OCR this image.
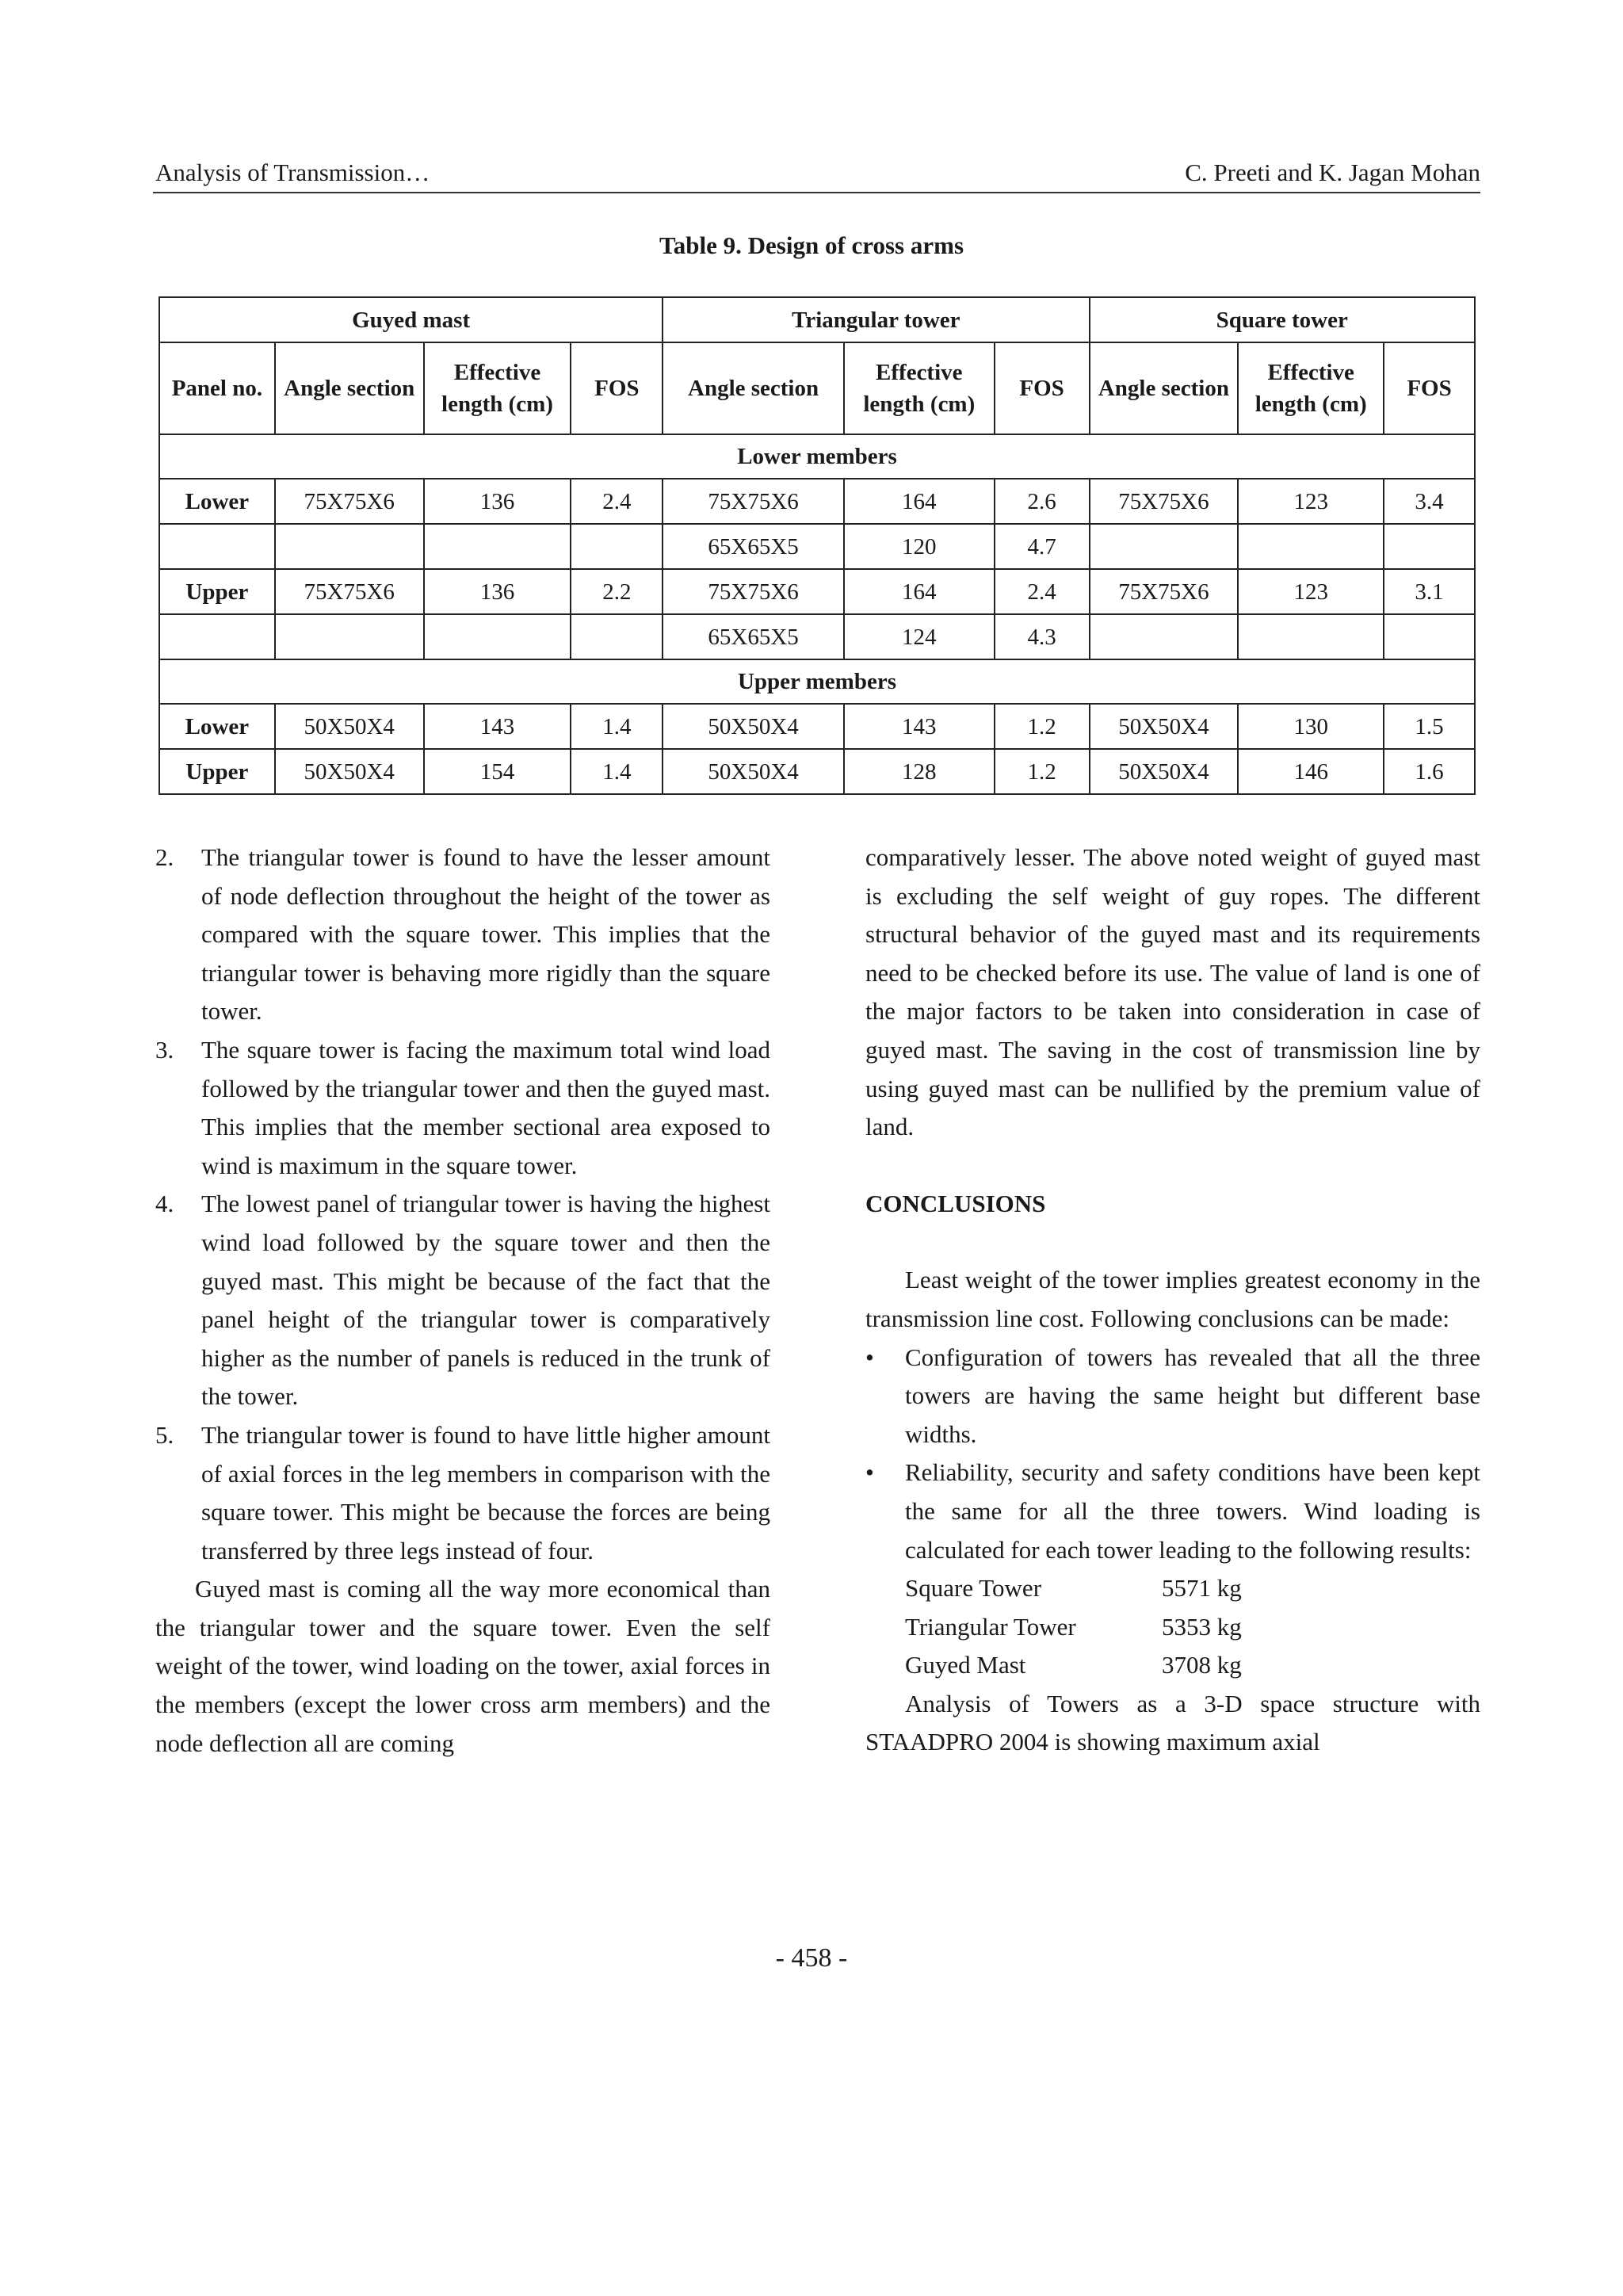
Analysis of Transmission…	C. Preeti and K. Jagan Mohan
Table 9. Design of cross arms
Guyed mast				Triangular tower			Square tower		
Panel no.	Angle section	Effective length (cm)	FOS	Angle section	Effective length (cm)	FOS	Angle section	Effective length (cm)	FOS
Lower members									
Lower	75X75X6	136	2.4	75X75X6	164	2.6	75X75X6	123	3.4
				65X65X5	120	4.7			
Upper	75X75X6	136	2.2	75X75X6	164	2.4	75X75X6	123	3.1
				65X65X5	124	4.3			
Upper members									
Lower	50X50X4	143	1.4	50X50X4	143	1.2	50X50X4	130	1.5
Upper	50X50X4	154	1.4	50X50X4	128	1.2	50X50X4	146	1.6
2.	The triangular tower is found to have the lesser amount of node deflection throughout the height of the tower as compared with the square tower. This implies that the triangular tower is behaving more rigidly than the square tower.
3.	The square tower is facing the maximum total wind load followed by the triangular tower and then the guyed mast. This implies that the member sectional area exposed to wind is maximum in the square tower.
4.	The lowest panel of triangular tower is having the highest wind load followed by the square tower and then the guyed mast. This might be because of the fact that the panel height of the triangular tower is comparatively higher as the number of panels is reduced in the trunk of the tower.
5.	The triangular tower is found to have little higher amount of axial forces in the leg members in comparison with the square tower. This might be because the forces are being transferred by three legs instead of four.

Guyed mast is coming all the way more economical than the triangular tower and the square tower. Even the self weight of the tower, wind loading on the tower, axial forces in the members (except the lower cross arm members) and the node deflection all are coming

comparatively lesser. The above noted weight of guyed mast is excluding the self weight of guy ropes. The different structural behavior of the guyed mast and its requirements need to be checked before its use. The value of land is one of the major factors to be taken into consideration in case of guyed mast. The saving in the cost of transmission line by using guyed mast can be nullified by the premium value of land.

CONCLUSIONS

Least weight of the tower implies greatest economy in the transmission line cost. Following conclusions can be made:

•	Configuration of towers has revealed that all the three towers are having the same height but different base widths.
•	Reliability, security and safety conditions have been kept the same for all the three towers. Wind loading is calculated for each tower leading to the following results:
Square Tower	5571 kg
Triangular Tower	5353 kg
Guyed Mast	3708 kg

Analysis of Towers as a 3-D space structure with STAADPRO 2004 is showing maximum axial

- 458 -
